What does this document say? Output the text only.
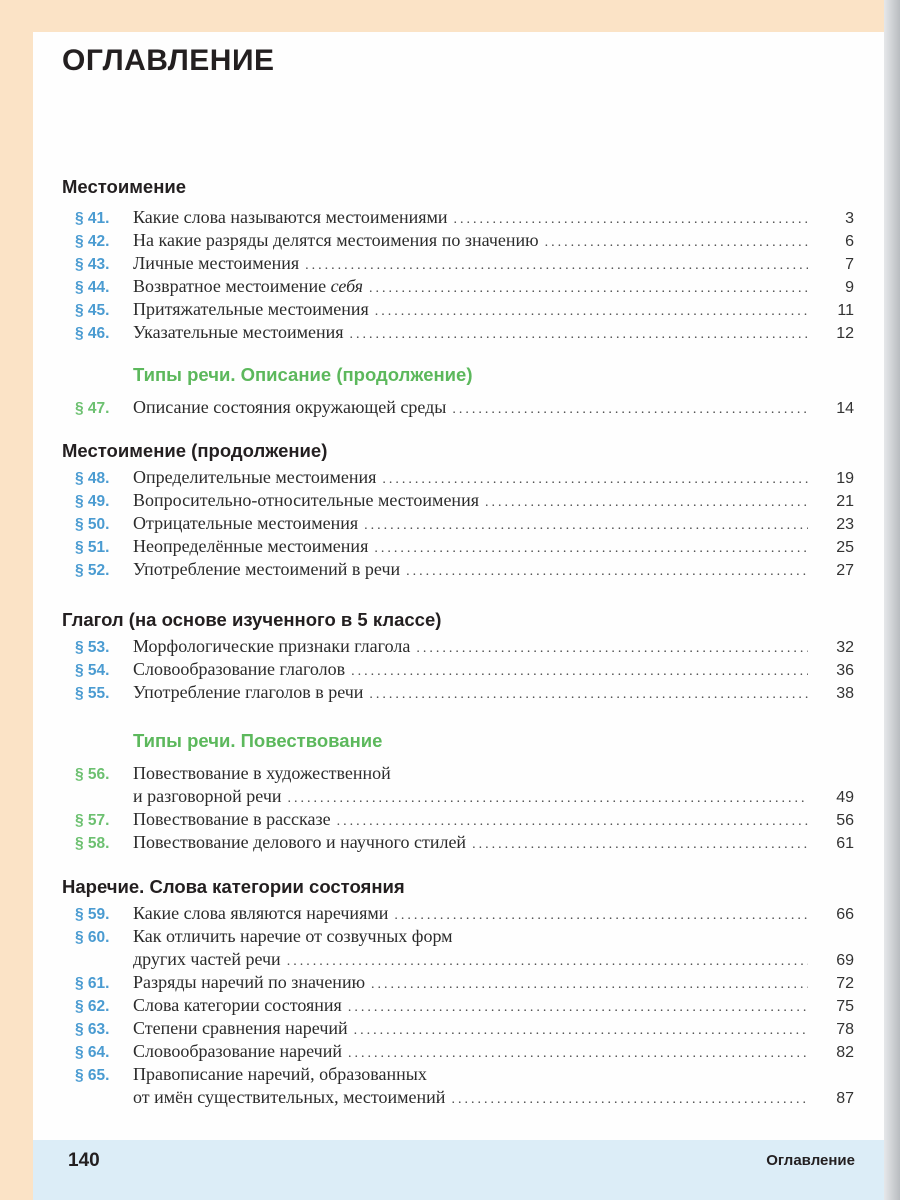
ОГЛАВЛЕНИЕ
Местоимение
§ 41. Какие слова называются местоимениями .....	3
§ 42. На какие разряды делятся местоимения по значению .....	6
§ 43. Личные местоимения .....	7
§ 44. Возвратное местоимение себя .....	9
§ 45. Притяжательные местоимения .....	11
§ 46. Указательные местоимения .....	12
Типы речи. Описание (продолжение)
§ 47. Описание состояния окружающей среды .....	14
Местоимение (продолжение)
§ 48. Определительные местоимения .....	19
§ 49. Вопросительно-относительные местоимения .....	21
§ 50. Отрицательные местоимения .....	23
§ 51. Неопределённые местоимения .....	25
§ 52. Употребление местоимений в речи .....	27
Глагол (на основе изученного в 5 классе)
§ 53. Морфологические признаки глагола .....	32
§ 54. Словообразование глаголов .....	36
§ 55. Употребление глаголов в речи .....	38
Типы речи. Повествование
§ 56. Повествование в художественной
и разговорной речи .....	49
§ 57. Повествование в рассказе .....	56
§ 58. Повествование делового и научного стилей .....	61
Наречие. Слова категории состояния
§ 59. Какие слова являются наречиями .....	66
§ 60. Как отличить наречие от созвучных форм
других частей речи .....	69
§ 61. Разряды наречий по значению .....	72
§ 62. Слова категории состояния .....	75
§ 63. Степени сравнения наречий .....	78
§ 64. Словообразование наречий .....	82
§ 65. Правописание наречий, образованных
от имён существительных, местоимений .....	87
140	Оглавление
